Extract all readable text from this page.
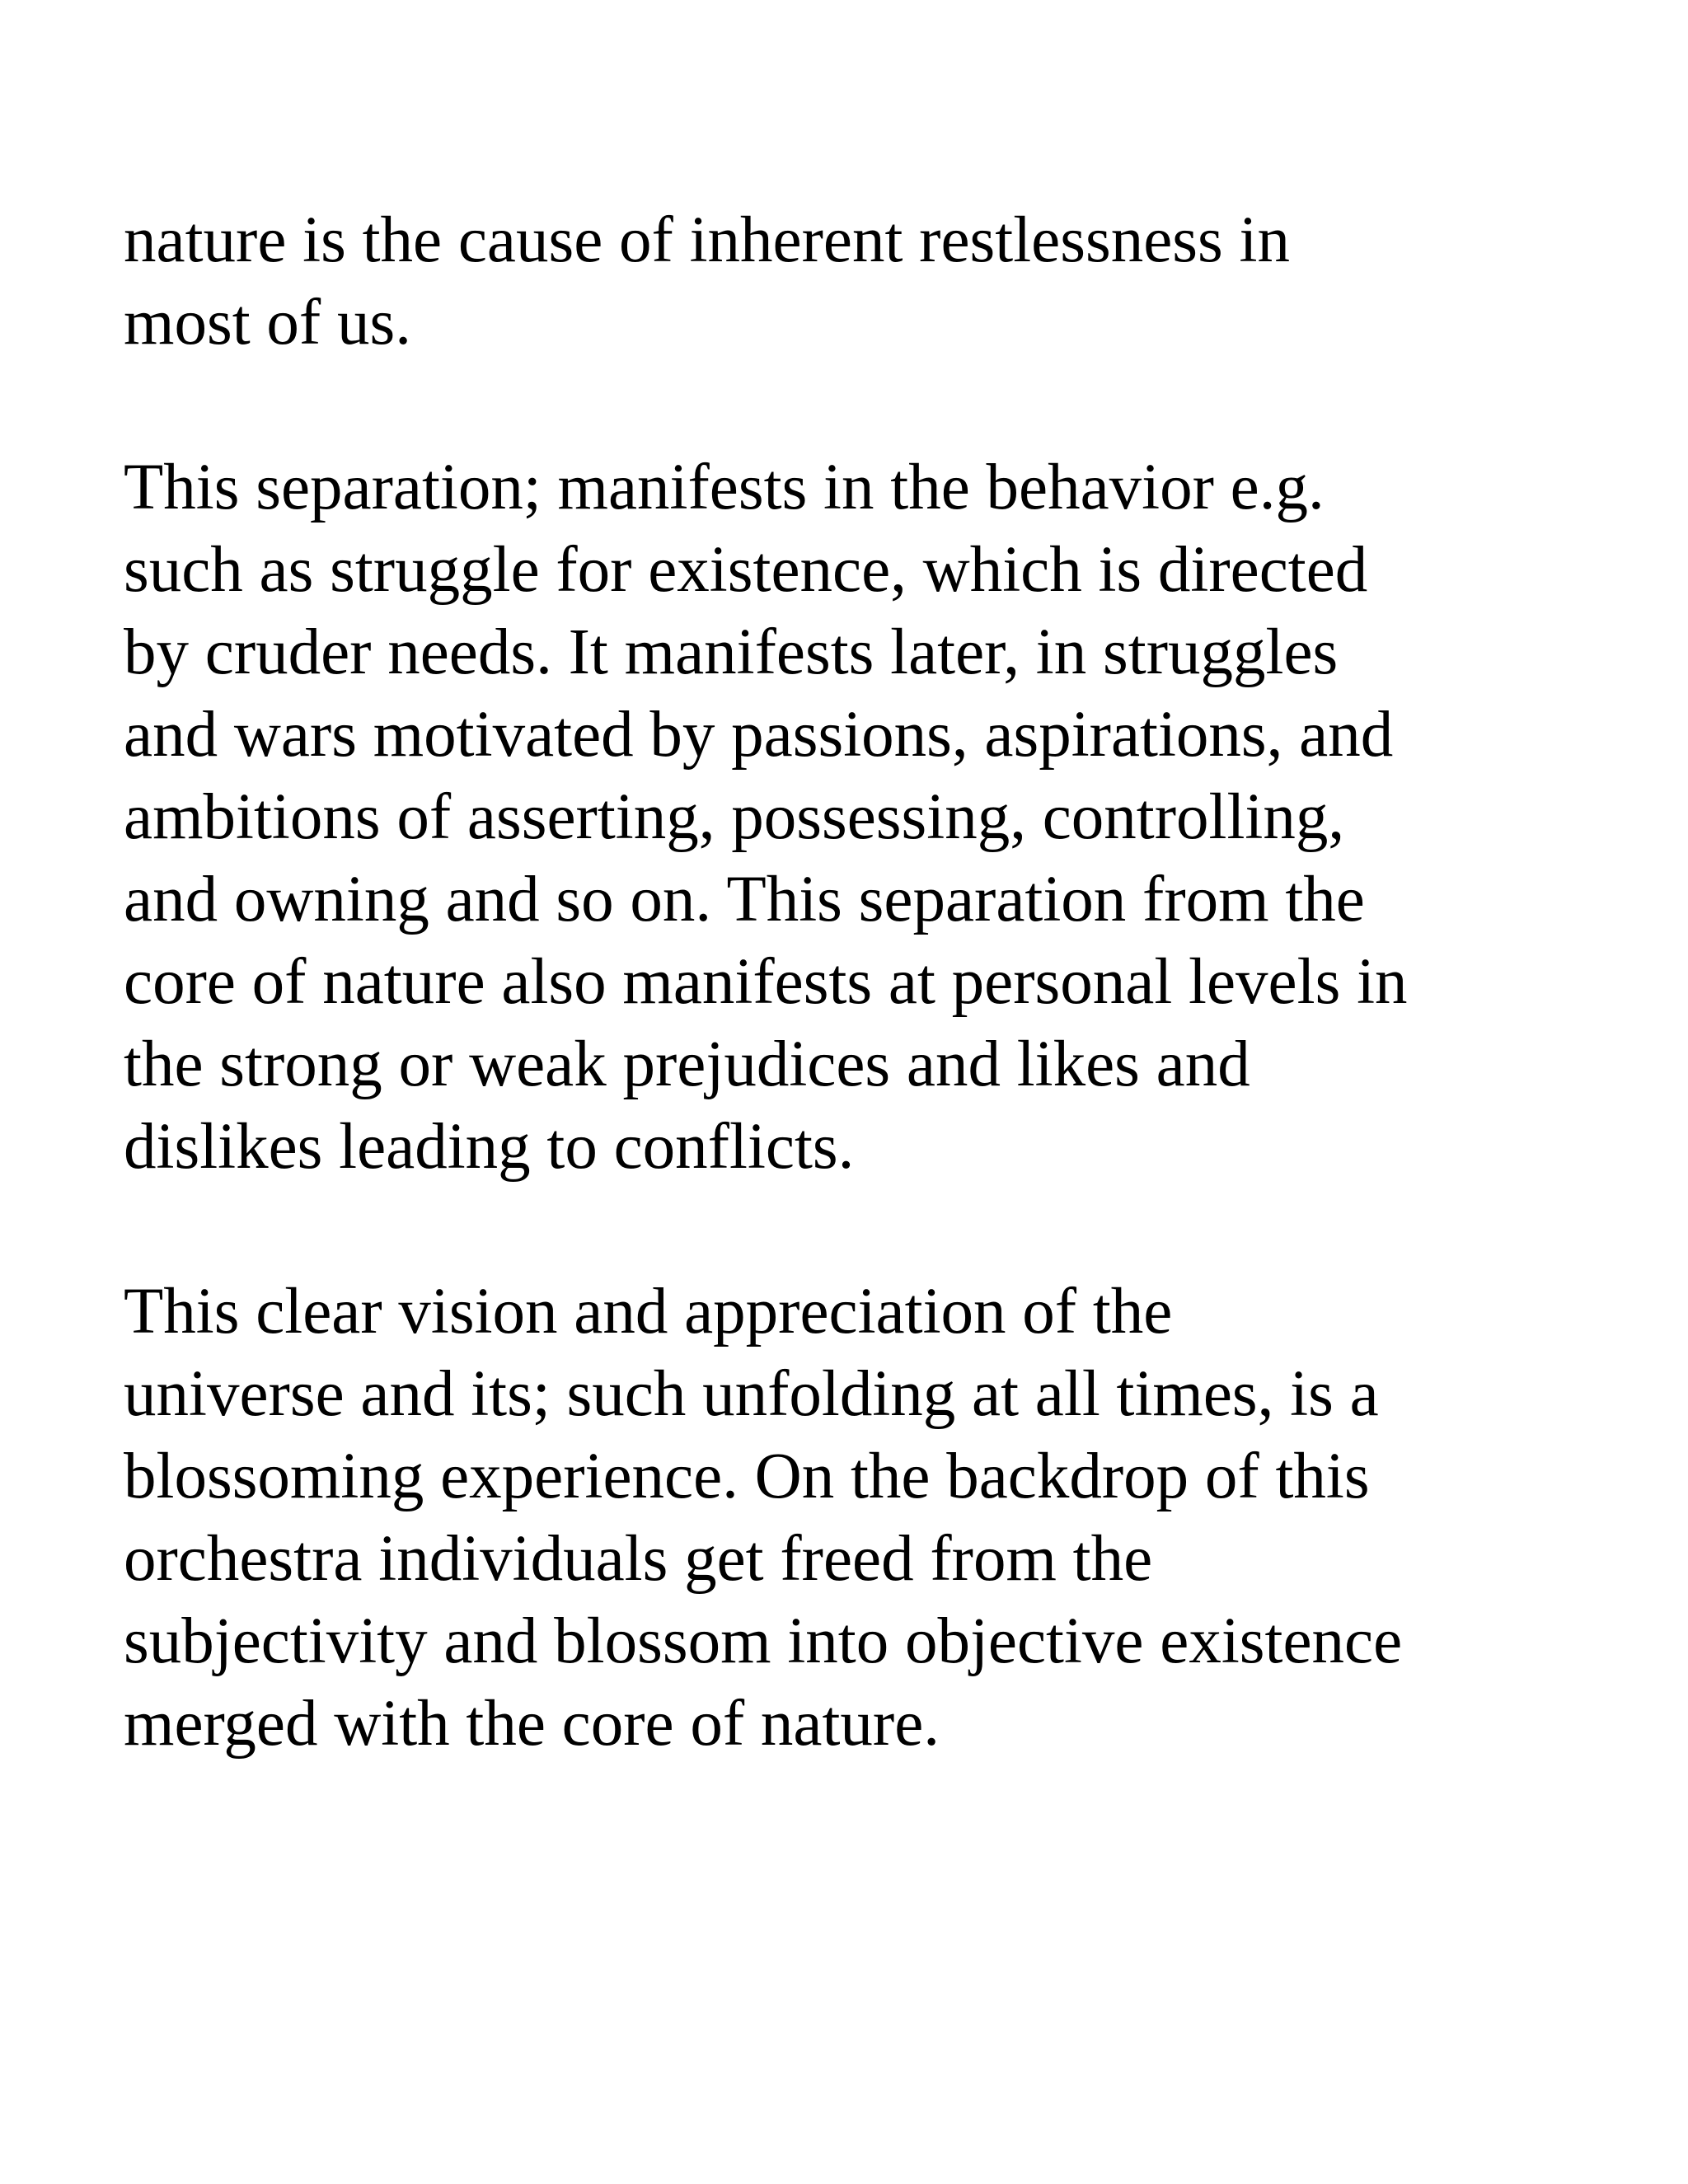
nature is the cause of inherent restlessness in
most of us.

This separation; manifests in the behavior e.g.
such as struggle for existence, which is directed
by cruder needs. It manifests later, in struggles
and wars motivated by passions, aspirations, and
ambitions of asserting, possessing, controlling,
and owning and so on. This separation from the
core of nature also manifests at personal levels in
the strong or weak prejudices and likes and
dislikes leading to conflicts.

This clear vision and appreciation of the
universe and its; such unfolding at all times, is a
blossoming experience. On the backdrop of this
orchestra individuals get freed from the
subjectivity and blossom into objective existence
merged with the core of nature.
